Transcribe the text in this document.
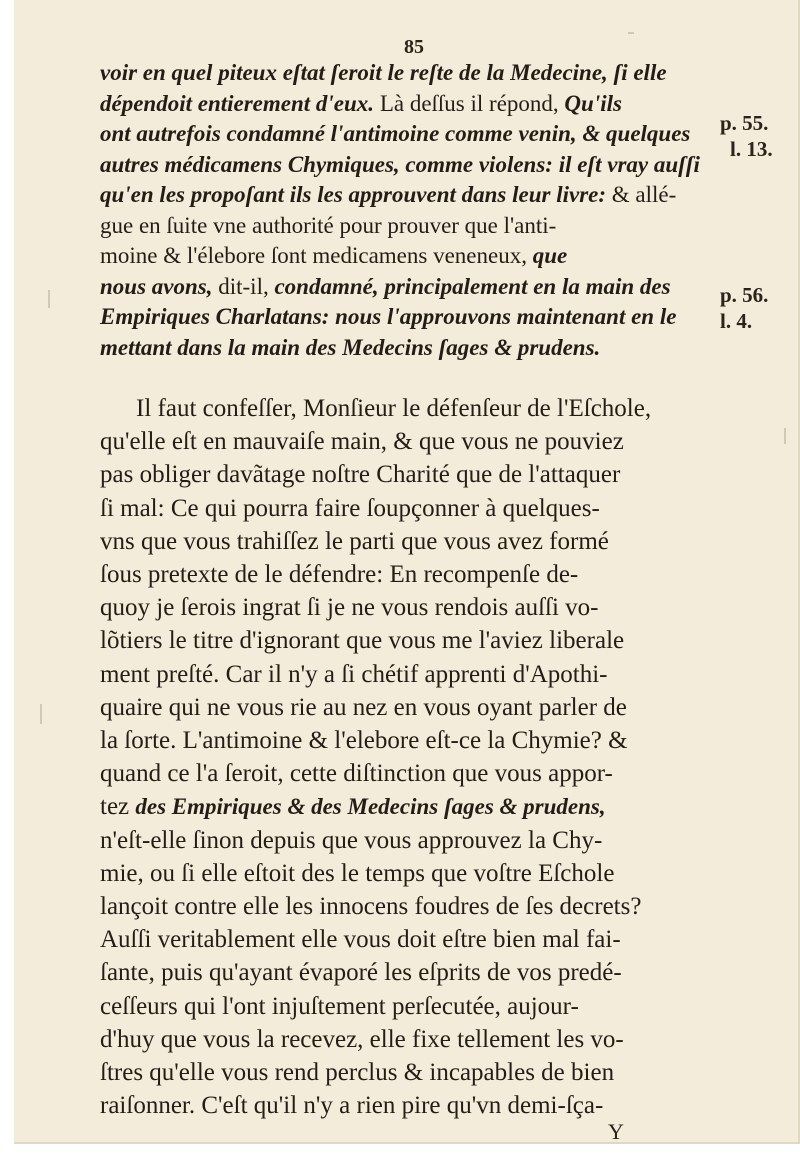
85
voir en quel piteux eſtat ſeroit le reſte de la Medecine, ſi elle
dépendoit entierement d'eux. Là deſſus il répond, Qu'ils
ont autrefois condamné l'antimoine comme venin, & quelques
autres médicamens Chymiques, comme violens: il eſt vray auſſi
qu'en les propoſant ils les approuvent dans leur livre: & allé-
gue en ſuite vne authorité pour prouver que l'anti-
moine & l'élebore ſont medicamens veneneux, que
nous avons, dit-il, condamné, principalement en la main des
Empiriques Charlatans: nous l'approuvons maintenant en le
mettant dans la main des Medecins ſages & prudens.
Il faut confeſſer, Monſieur le défenſeur de l'Eſchole,
qu'elle eſt en mauvaiſe main, & que vous ne pouviez
pas obliger davãtage noſtre Charité que de l'attaquer
ſi mal: Ce qui pourra faire ſoupçonner à quelques-
vns que vous trahiſſez le parti que vous avez formé
ſous pretexte de le défendre: En recompenſe de-
quoy je ſerois ingrat ſi je ne vous rendois auſſi vo-
lõtiers le titre d'ignorant que vous me l'aviez liberale
ment preſté. Car il n'y a ſi chétif apprenti d'Apothi-
quaire qui ne vous rie au nez en vous oyant parler de
la ſorte. L'antimoine & l'elebore eſt-ce la Chymie? &
quand ce l'a ſeroit, cette diſtinction que vous appor-
tez des Empiriques & des Medecins ſages & prudens,
n'eſt-elle ſinon depuis que vous approuvez la Chy-
mie, ou ſi elle eſtoit des le temps que voſtre Eſchole
lançoit contre elle les innocens foudres de ſes decrets?
Auſſi veritablement elle vous doit eſtre bien mal fai-
ſante, puis qu'ayant évaporé les eſprits de vos predé-
ceſſeurs qui l'ont injuſtement perſecutée, aujour-
d'huy que vous la recevez, elle fixe tellement les vo-
ſtres qu'elle vous rend perclus & incapables de bien
raiſonner. C'eſt qu'il n'y a rien pire qu'vn demi-ſça-
p. 55.
l. 13.
p. 56.
l. 4.
Y
